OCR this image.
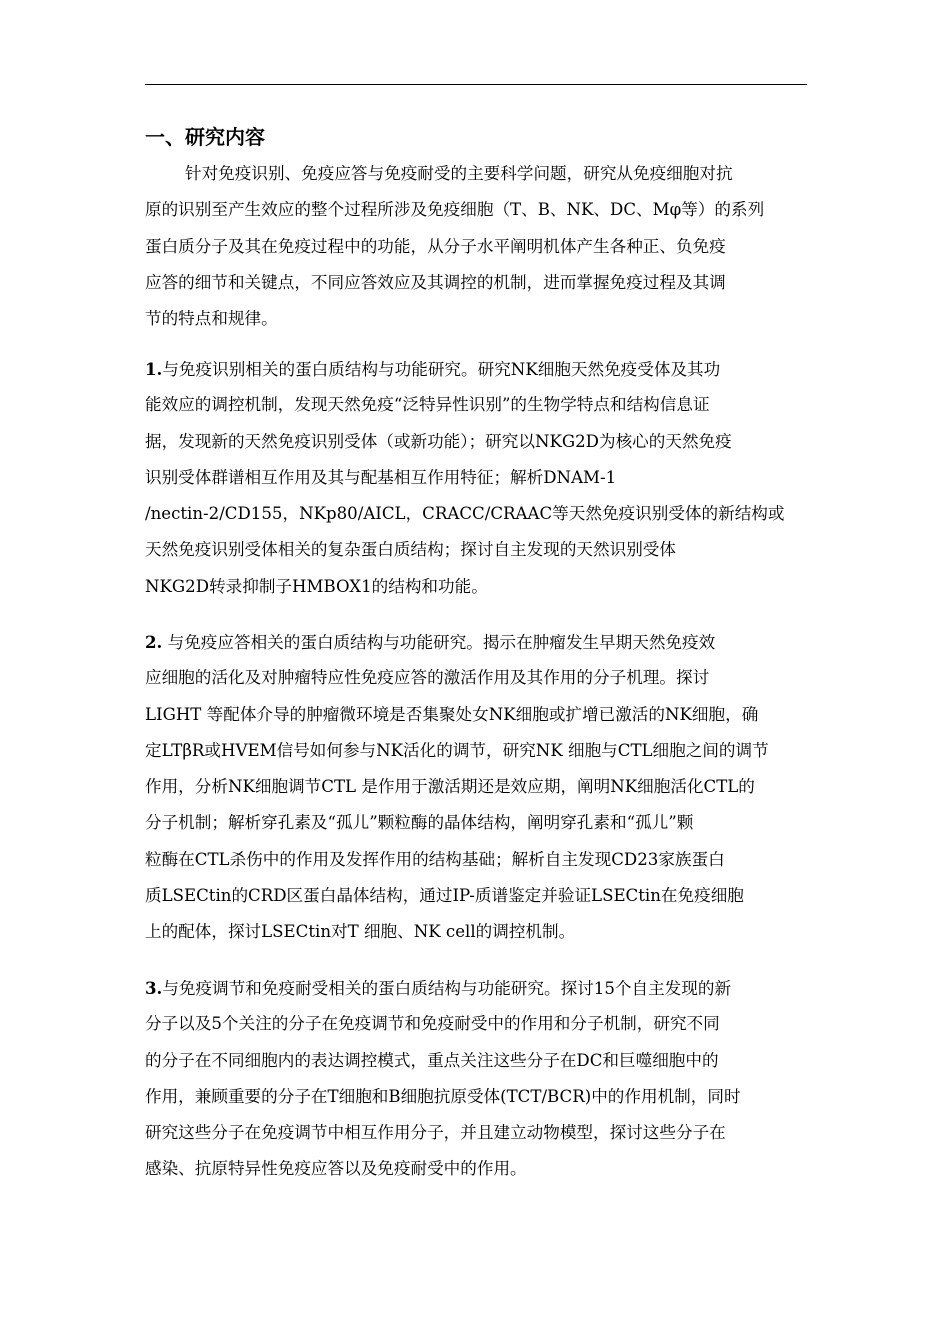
一、研究内容

针对免疫识别、免疫应答与免疫耐受的主要科学问题，研究从免疫细胞对抗
原的识别至产生效应的整个过程所涉及免疫细胞（T、B、NK、DC、Mφ等）的系列
蛋白质分子及其在免疫过程中的功能，从分子水平阐明机体产生各种正、负免疫
应答的细节和关键点，不同应答效应及其调控的机制，进而掌握免疫过程及其调
节的特点和规律。

1.与免疫识别相关的蛋白质结构与功能研究。研究NK细胞天然免疫受体及其功
能效应的调控机制，发现天然免疫“泛特异性识别”的生物学特点和结构信息证
据，发现新的天然免疫识别受体（或新功能）；研究以NKG2D为核心的天然免疫
识别受体群谱相互作用及其与配基相互作用特征；解析DNAM-1
/nectin-2/CD155，NKp80/AICL，CRACC/CRAAC等天然免疫识别受体的新结构或
天然免疫识别受体相关的复杂蛋白质结构；探讨自主发现的天然识别受体
NKG2D转录抑制子HMBOX1的结构和功能。

2. 与免疫应答相关的蛋白质结构与功能研究。揭示在肿瘤发生早期天然免疫效
应细胞的活化及对肿瘤特应性免疫应答的激活作用及其作用的分子机理。探讨
LIGHT 等配体介导的肿瘤微环境是否集聚处女NK细胞或扩增已激活的NK细胞，确
定LTβR或HVEM信号如何参与NK活化的调节，研究NK 细胞与CTL细胞之间的调节
作用，分析NK细胞调节CTL 是作用于激活期还是效应期，阐明NK细胞活化CTL的
分子机制；解析穿孔素及“孤儿”颗粒酶的晶体结构，阐明穿孔素和“孤儿”颗
粒酶在CTL杀伤中的作用及发挥作用的结构基础；解析自主发现CD23家族蛋白
质LSECtin的CRD区蛋白晶体结构，通过IP-质谱鉴定并验证LSECtin在免疫细胞
上的配体，探讨LSECtin对T 细胞、NK cell的调控机制。

3.与免疫调节和免疫耐受相关的蛋白质结构与功能研究。探讨15个自主发现的新
分子以及5个关注的分子在免疫调节和免疫耐受中的作用和分子机制，研究不同
的分子在不同细胞内的表达调控模式，重点关注这些分子在DC和巨噬细胞中的
作用，兼顾重要的分子在T细胞和B细胞抗原受体(TCT/BCR)中的作用机制，同时
研究这些分子在免疫调节中相互作用分子，并且建立动物模型，探讨这些分子在
感染、抗原特异性免疫应答以及免疫耐受中的作用。
